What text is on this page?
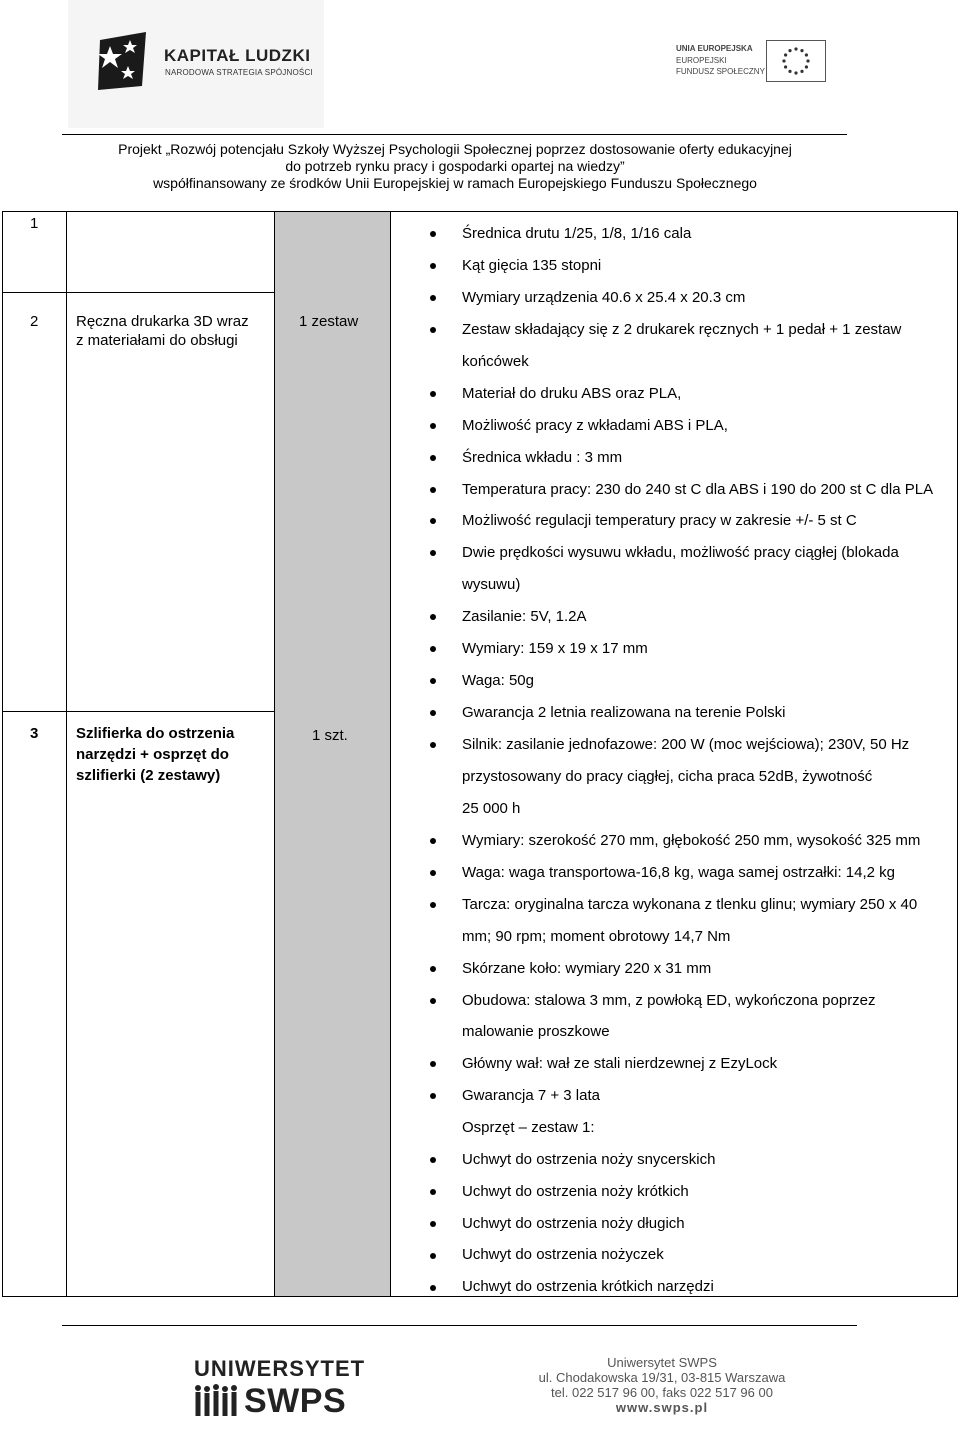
KAPITAŁ LUDZKI
NARODOWA STRATEGIA SPÓJNOŚCI
UNIA EUROPEJSKA
EUROPEJSKI
FUNDUSZ SPOŁECZNY
Projekt „Rozwój potencjału Szkoły Wyższej Psychologii Społecznej poprzez dostosowanie oferty edukacyjnej
do potrzeb rynku pracy i gospodarki opartej na wiedzy”
współfinansowany ze środków Unii Europejskiej w ramach Europejskiego Funduszu Społecznego
1
2	Ręczna drukarka 3D wraz
z materiałami do obsługi
1 zestaw
3	Szlifierka do ostrzenia
narzędzi + osprzęt do
szlifierki (2 zestawy)
1 szt.
Średnica drutu 1/25, 1/8, 1/16 cala
Kąt gięcia 135 stopni
Wymiary urządzenia 40.6 x 25.4 x 20.3 cm
Zestaw składający się z 2 drukarek ręcznych + 1 pedał + 1 zestaw
końcówek
Materiał do druku ABS oraz PLA,
Możliwość pracy z wkładami ABS i PLA,
Średnica wkładu : 3 mm
Temperatura pracy: 230 do 240 st C dla ABS i 190 do 200 st C dla PLA
Możliwość regulacji temperatury pracy w zakresie +/- 5 st C
Dwie prędkości wysuwu wkładu, możliwość pracy ciągłej (blokada
wysuwu)
Zasilanie: 5V, 1.2A
Wymiary: 159 x 19 x 17 mm
Waga: 50g
Gwarancja 2 letnia realizowana na terenie Polski
Silnik: zasilanie jednofazowe: 200 W (moc wejściowa); 230V, 50 Hz
przystosowany do pracy ciągłej, cicha praca 52dB, żywotność
25 000 h
Wymiary: szerokość 270 mm, głębokość 250 mm, wysokość 325 mm
Waga: waga transportowa-16,8 kg, waga samej ostrzałki: 14,2 kg
Tarcza: oryginalna tarcza wykonana z tlenku glinu; wymiary 250 x 40
mm; 90 rpm; moment obrotowy 14,7 Nm
Skórzane koło: wymiary 220 x 31 mm
Obudowa: stalowa 3 mm, z powłoką ED, wykończona poprzez
malowanie proszkowe
Główny wał: wał ze stali nierdzewnej z EzyLock
Gwarancja 7 + 3 lata
Osprzęt – zestaw 1:
Uchwyt do ostrzenia noży snycerskich
Uchwyt do ostrzenia noży krótkich
Uchwyt do ostrzenia noży długich
Uchwyt do ostrzenia nożyczek
Uchwyt do ostrzenia krótkich narzędzi
UNIWERSYTET
SWPS
Uniwersytet SWPS
ul. Chodakowska 19/31, 03-815 Warszawa
tel. 022 517 96 00, faks 022 517 96 00
www.swps.pl
